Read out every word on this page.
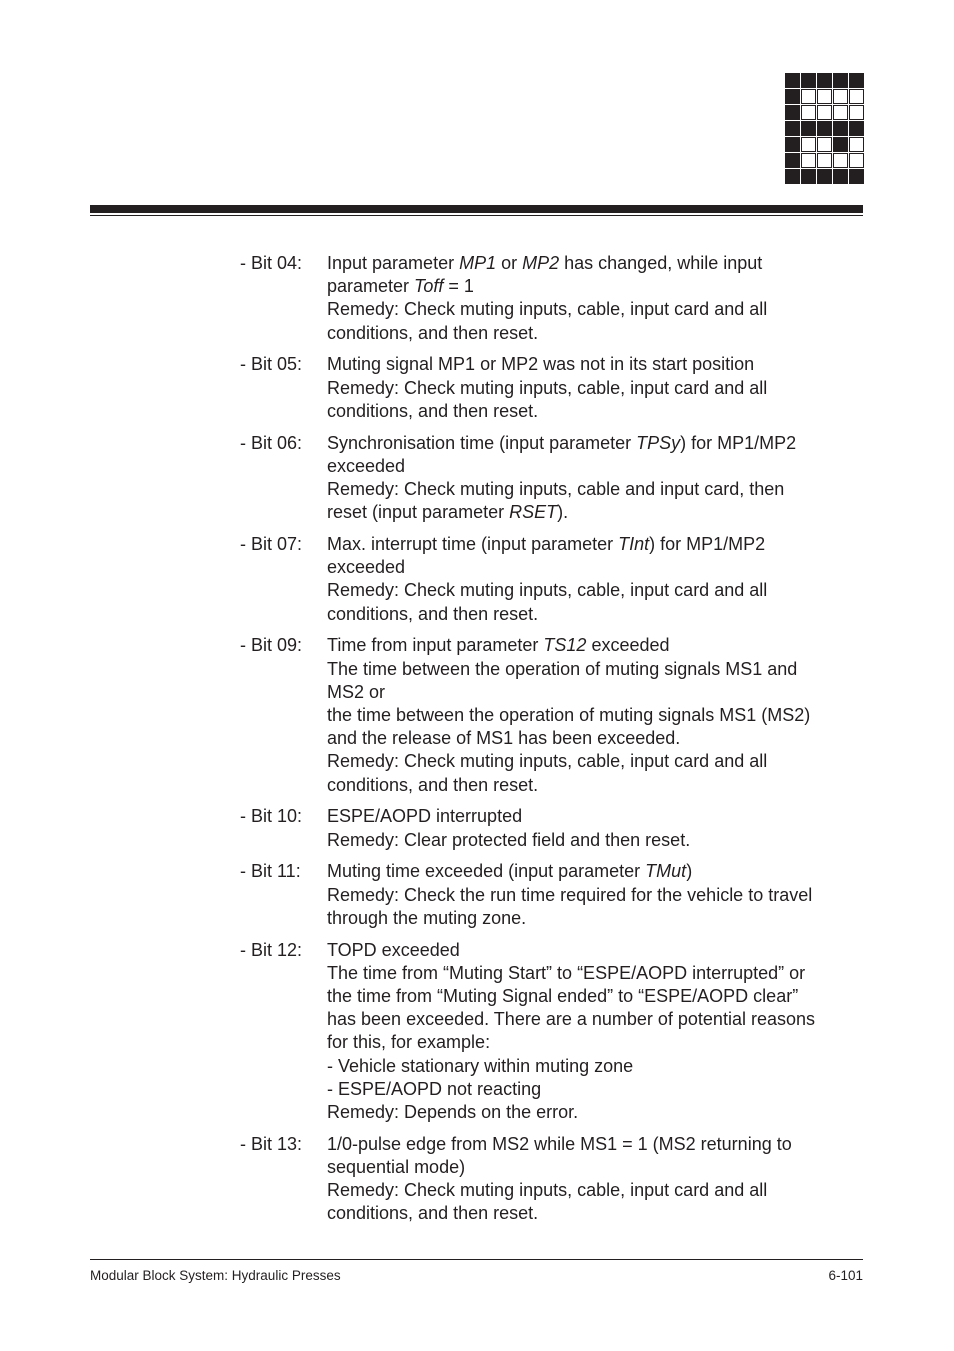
- Bit 04:	Input parameter MP1 or MP2 has changed, while input
parameter Toff = 1
Remedy: Check muting inputs, cable, input card and all
conditions, and then reset.
- Bit 05:	Muting signal MP1 or MP2 was not in its start position
Remedy: Check muting inputs, cable, input card and all
conditions, and then reset.
- Bit 06:	Synchronisation time (input parameter TPSy) for MP1/MP2
exceeded
Remedy: Check muting inputs, cable and input card, then
reset (input parameter RSET).
- Bit 07:	Max. interrupt time (input parameter TInt) for MP1/MP2
exceeded
Remedy: Check muting inputs, cable, input card and all
conditions, and then reset.
- Bit 09:	Time from input parameter TS12 exceeded
The time between the operation of muting signals MS1 and
MS2 or
the time between the operation of muting signals MS1 (MS2)
and the release of MS1 has been exceeded.
Remedy: Check muting inputs, cable, input card and all
conditions, and then reset.
- Bit 10:	ESPE/AOPD interrupted
Remedy: Clear protected field and then reset.
- Bit 11:	Muting time exceeded (input parameter TMut)
Remedy: Check the run time required for the vehicle to travel
through the muting zone.
- Bit 12:	TOPD exceeded
The time from “Muting Start” to “ESPE/AOPD interrupted” or
the time from “Muting Signal ended” to “ESPE/AOPD clear”
has been exceeded. There are a number of potential reasons
for this, for example:
- Vehicle stationary within muting zone
- ESPE/AOPD not reacting
Remedy: Depends on the error.
- Bit 13:	1/0-pulse edge from MS2 while MS1 = 1 (MS2 returning to
sequential mode)
Remedy: Check muting inputs, cable, input card and all
conditions, and then reset.
Modular Block System: Hydraulic Presses	6-101
